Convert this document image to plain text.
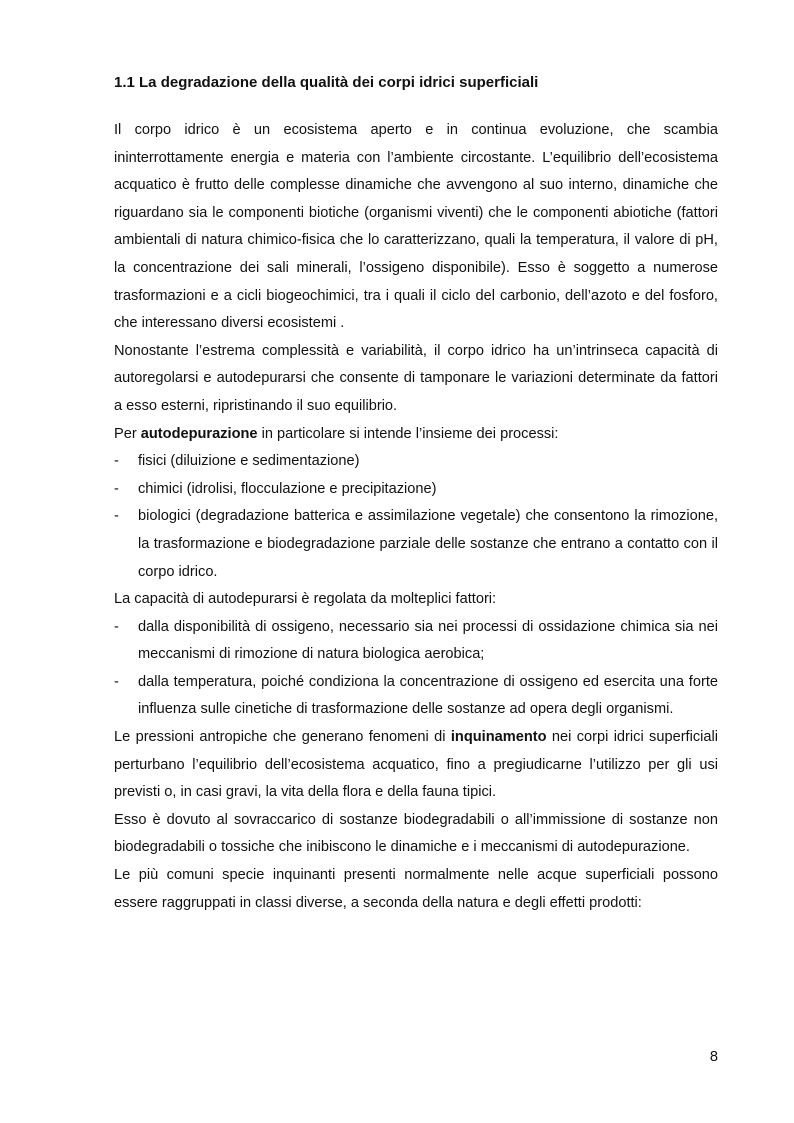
1.1 La degradazione della qualità dei corpi idrici superficiali

Il corpo idrico è un ecosistema aperto e in continua evoluzione, che scambia ininterrottamente energia e materia con l’ambiente circostante. L’equilibrio dell’ecosistema acquatico è frutto delle complesse dinamiche che avvengono al suo interno, dinamiche che riguardano sia le componenti biotiche (organismi viventi) che le componenti abiotiche (fattori ambientali di natura chimico-fisica che lo caratterizzano, quali la temperatura, il valore di pH, la concentrazione dei sali minerali, l’ossigeno disponibile). Esso è soggetto a numerose trasformazioni e a cicli biogeochimici, tra i quali il ciclo del carbonio, dell’azoto e del fosforo, che interessano diversi ecosistemi .

Nonostante l’estrema complessità e variabilità, il corpo idrico ha un’intrinseca capacità di autoregolarsi e autodepurarsi che consente di tamponare le variazioni determinate da fattori a esso esterni, ripristinando il suo equilibrio.

Per autodepurazione in particolare si intende l’insieme dei processi:

- fisici (diluizione e sedimentazione)
- chimici (idrolisi, flocculazione e precipitazione)
- biologici (degradazione batterica e assimilazione vegetale) che consentono la rimozione, la trasformazione e biodegradazione parziale delle sostanze che entrano a contatto con il corpo idrico.

La capacità di autodepurarsi è regolata da molteplici fattori:

- dalla disponibilità di ossigeno, necessario sia nei processi di ossidazione chimica sia nei meccanismi di rimozione di natura biologica aerobica;
- dalla temperatura, poiché condiziona la concentrazione di ossigeno ed esercita una forte influenza sulle cinetiche di trasformazione delle sostanze ad opera degli organismi.

Le pressioni antropiche che generano fenomeni di inquinamento nei corpi idrici superficiali perturbano l’equilibrio dell’ecosistema acquatico, fino a pregiudicarne l’utilizzo per gli usi previsti o, in casi gravi, la vita della flora e della fauna tipici.

Esso è dovuto al sovraccarico di sostanze biodegradabili o all’immissione di sostanze non biodegradabili o tossiche che inibiscono le dinamiche e i meccanismi di autodepurazione.

Le più comuni specie inquinanti presenti normalmente nelle acque superficiali possono essere raggruppati in classi diverse, a seconda della natura e degli effetti prodotti:

8
